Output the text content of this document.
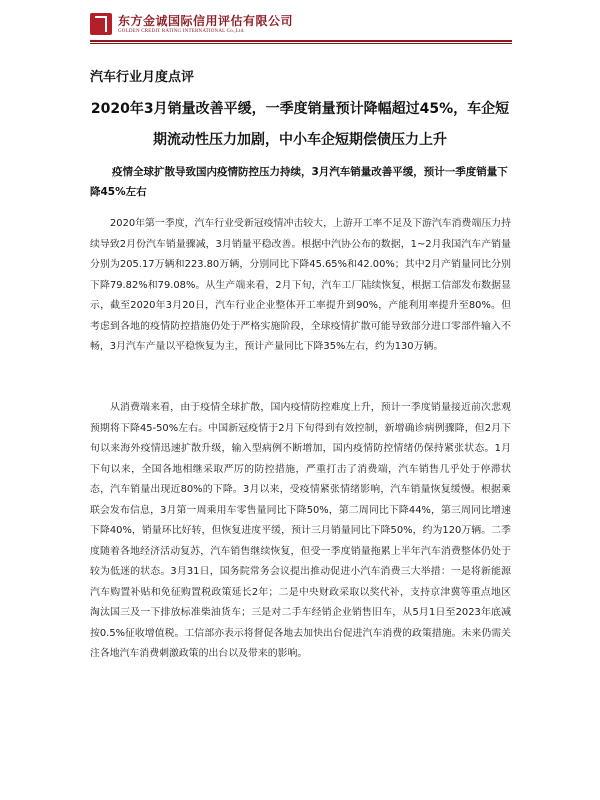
东方金诚国际信用评估有限公司
GOLDEN CREDIT RATING INTERNATIONAL Co.,Ltd.
汽车行业月度点评
2020年3月销量改善平缓，一季度销量预计降幅超过45%，车企短期流动性压力加剧，中小车企短期偿债压力上升
疫情全球扩散导致国内疫情防控压力持续，3月汽车销量改善平缓，预计一季度销量下降45%左右

2020年第一季度，汽车行业受新冠疫情冲击较大，上游开工率不足及下游汽车消费端压力持续导致2月份汽车销量骤减，3月销量平稳改善。根据中汽协公布的数据，1~2月我国汽车产销量分别为205.17万辆和223.80万辆，分别同比下降45.65%和42.00%；其中2月产销量同比分别下降79.82%和79.08%。从生产端来看，2月下旬，汽车工厂陆续恢复，根据工信部发布数据显示，截至2020年3月20日，汽车行业企业整体开工率提升到90%，产能利用率提升至80%。但考虑到各地的疫情防控措施仍处于严格实施阶段，全球疫情扩散可能导致部分进口零部件输入不畅，3月汽车产量以平稳恢复为主，预计产量同比下降35%左右，约为130万辆。

从消费端来看，由于疫情全球扩散，国内疫情防控难度上升，预计一季度销量接近前次悲观预期将下降45-50%左右。中国新冠疫情于2月下旬得到有效控制，新增确诊病例骤降，但2月下旬以来海外疫情迅速扩散升级，输入型病例不断增加，国内疫情防控情绪仍保持紧张状态。1月下旬以来，全国各地相继采取严厉的防控措施，严重打击了消费端，汽车销售几乎处于停滞状态，汽车销量出现近80%的下降。3月以来，受疫情紧张情绪影响，汽车销量恢复缓慢。根据乘联会发布信息，3月第一周乘用车零售量同比下降50%，第二周同比下降44%，第三周同比增速下降40%，销量环比好转，但恢复进度平缓，预计三月销量同比下降50%，约为120万辆。二季度随着各地经济活动复苏，汽车销售继续恢复，但受一季度销量拖累上半年汽车消费整体仍处于较为低迷的状态。3月31日，国务院常务会议提出推动促进小汽车消费三大举措：一是将新能源汽车购置补贴和免征购置税政策延长2年；二是中央财政采取以奖代补，支持京津冀等重点地区淘汰国三及一下排放标准柴油货车；三是对二手车经销企业销售旧车，从5月1日至2023年底减按0.5%征收增值税。工信部亦表示将督促各地去加快出台促进汽车消费的政策措施。未来仍需关注各地汽车消费刺激政策的出台以及带来的影响。
